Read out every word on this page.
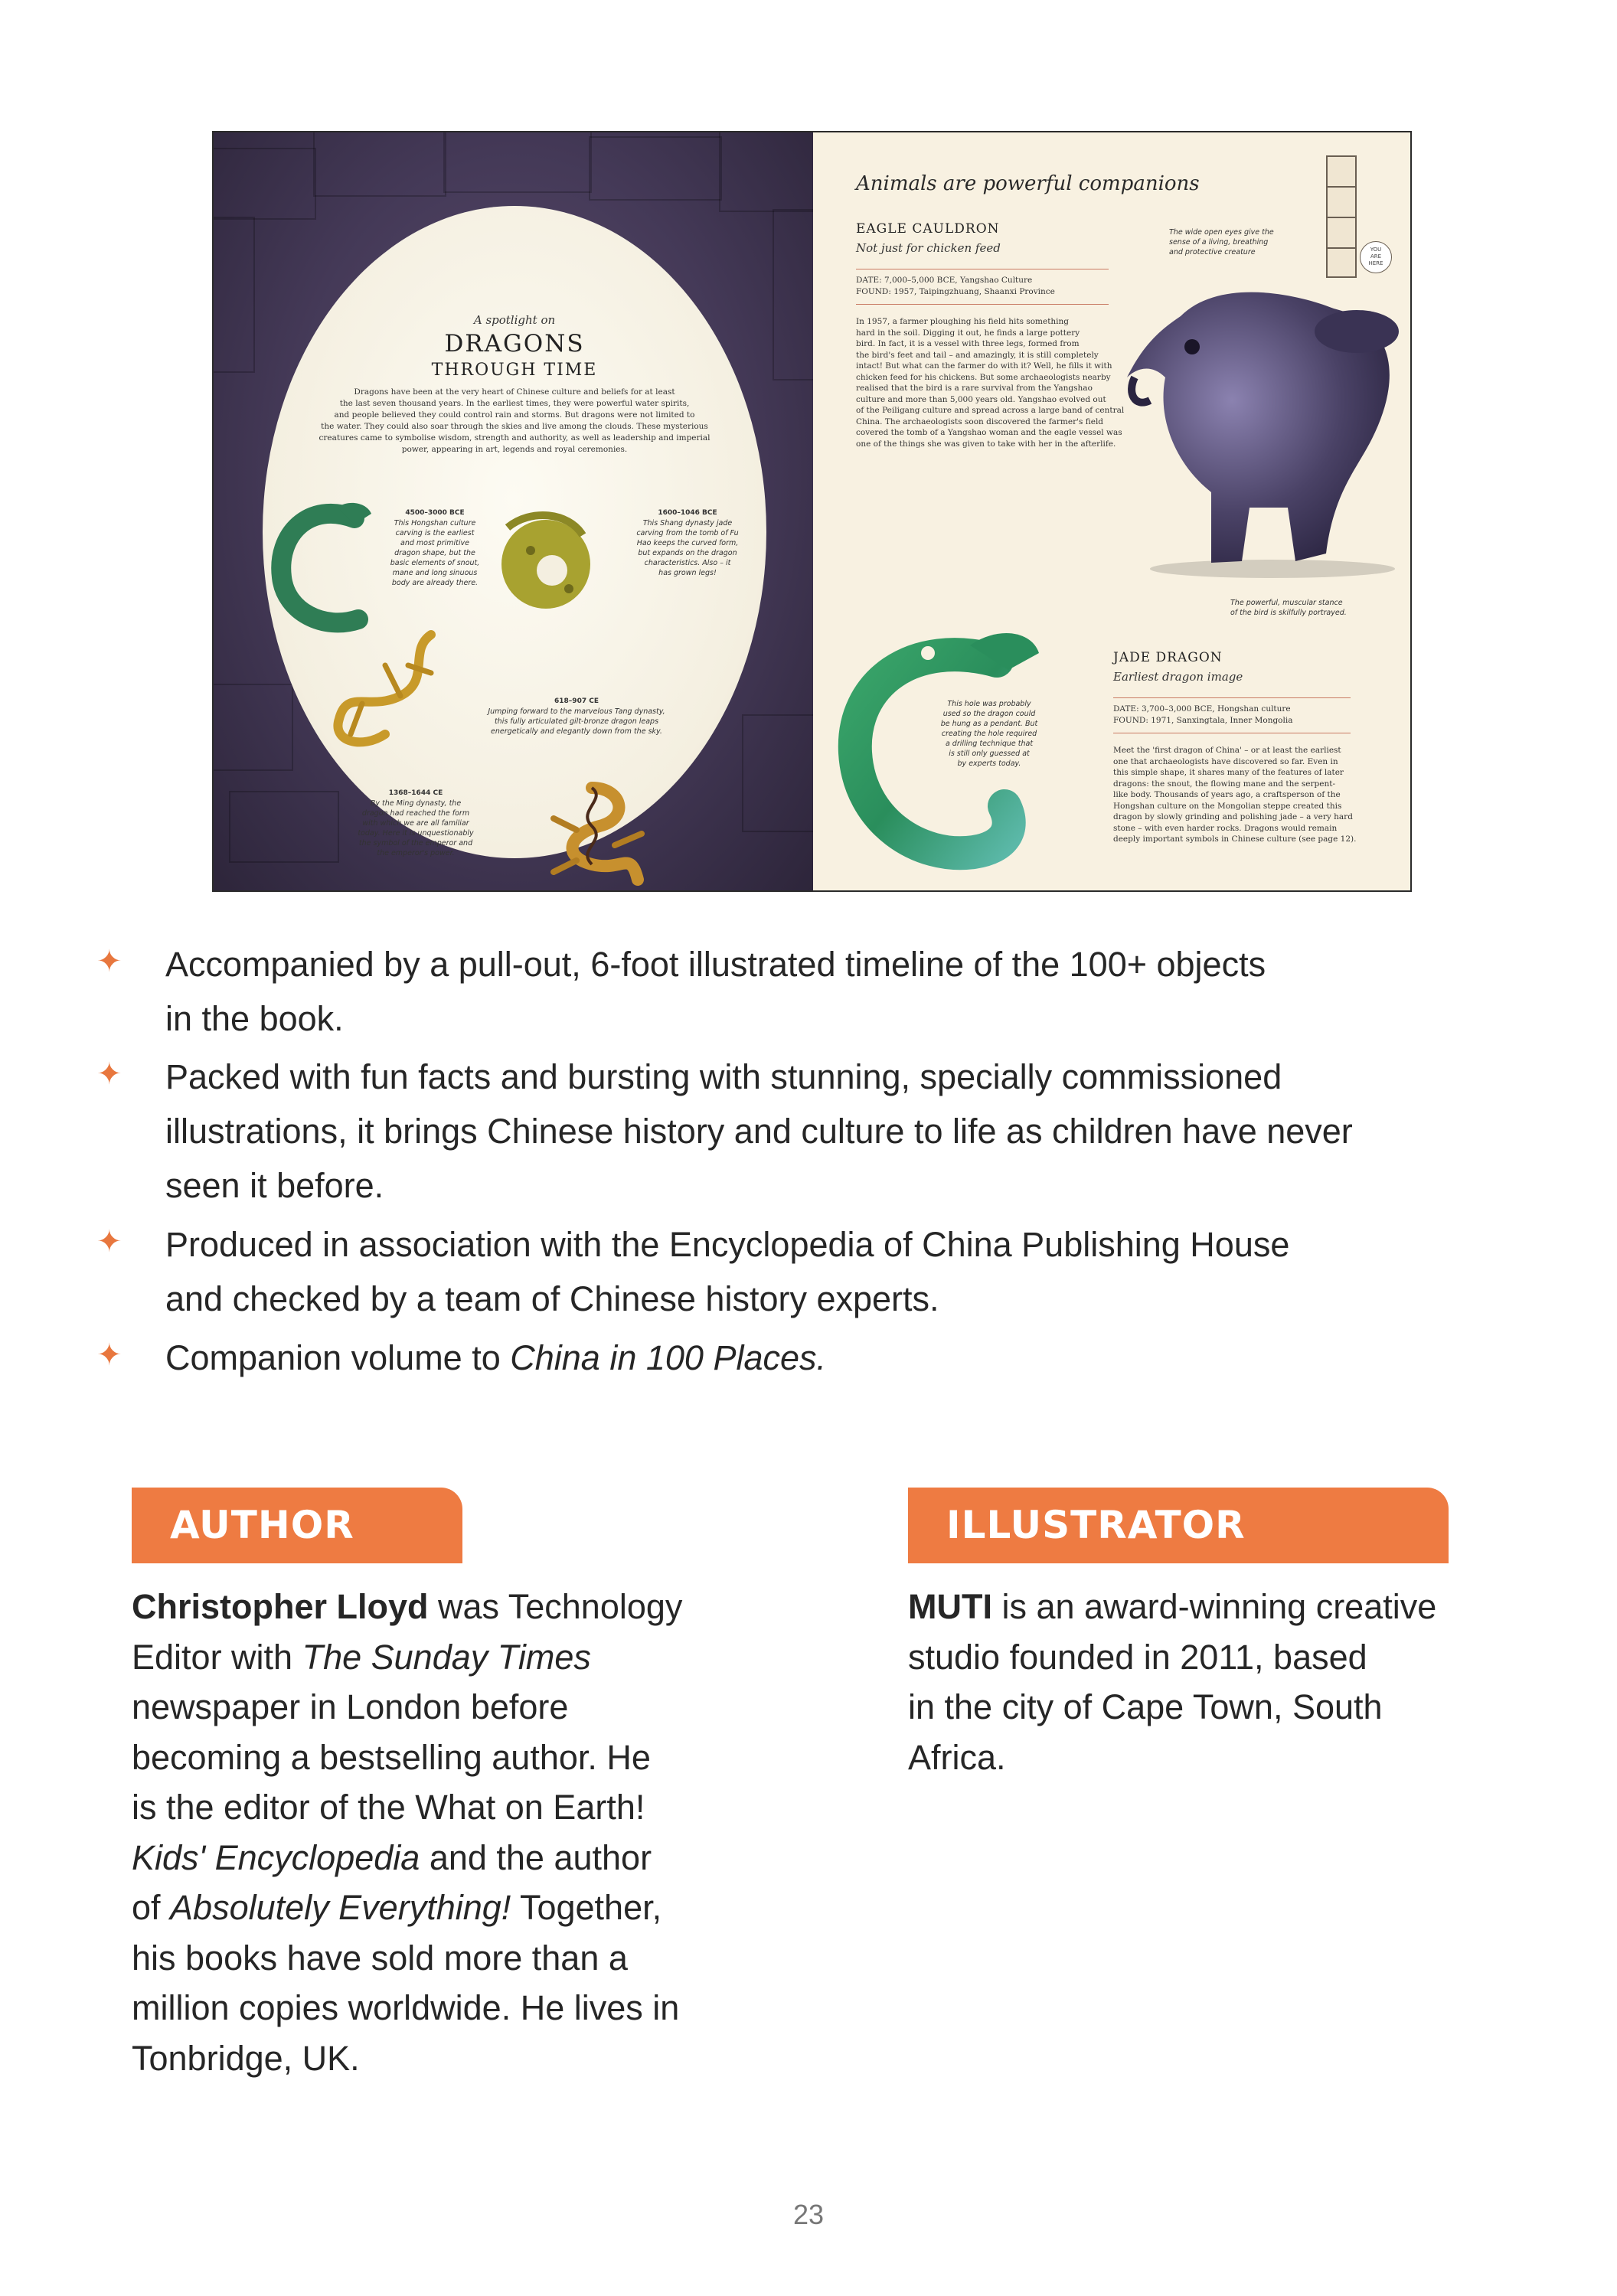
A spotlight on
DRAGONS
THROUGH TIME
Dragons have been at the very heart of Chinese culture and beliefs for at least
the last seven thousand years. In the earliest times, they were powerful water spirits,
and people believed they could control rain and storms. But dragons were not limited to
the water. They could also soar through the skies and live among the clouds. These mysterious
creatures came to symbolise wisdom, strength and authority, as well as leadership and imperial
power, appearing in art, legends and royal ceremonies.
4500–3000 BCE
This Hongshan culture
carving is the earliest
and most primitive
dragon shape, but the
basic elements of snout,
mane and long sinuous
body are already there.
1600–1046 BCE
This Shang dynasty jade
carving from the tomb of Fu
Hao keeps the curved form,
but expands on the dragon
characteristics. Also – it
has grown legs!
618–907 CE
Jumping forward to the marvelous Tang dynasty,
this fully articulated gilt-bronze dragon leaps
energetically and elegantly down from the sky.
1368–1644 CE
By the Ming dynasty, the
dragon had reached the form
with which we are all familiar
today. Here it is unquestionably
the symbol of the emperor and
the emperor's power.
Animals are powerful companions
YOU
ARE
HERE
EAGLE CAULDRON
Not just for chicken feed
DATE: 7,000–5,000 BCE, Yangshao Culture
FOUND: 1957, Taipingzhuang, Shaanxi Province
In 1957, a farmer ploughing his field hits something
hard in the soil. Digging it out, he finds a large pottery
bird. In fact, it is a vessel with three legs, formed from
the bird's feet and tail – and amazingly, it is still completely
intact! But what can the farmer do with it? Well, he fills it with
chicken feed for his chickens. But some archaeologists nearby
realised that the bird is a rare survival from the Yangshao
culture and more than 5,000 years old. Yangshao evolved out
of the Peiligang culture and spread across a large band of central
China. The archaeologists soon discovered the farmer's field
covered the tomb of a Yangshao woman and the eagle vessel was
one of the things she was given to take with her in the afterlife.
The wide open eyes give the
sense of a living, breathing
and protective creature
The powerful, muscular stance
of the bird is skilfully portrayed.
This hole was probably
used so the dragon could
be hung as a pendant. But
creating the hole required
a drilling technique that
is still only guessed at
by experts today.
JADE DRAGON
Earliest dragon image
DATE: 3,700–3,000 BCE, Hongshan culture
FOUND: 1971, Sanxingtala, Inner Mongolia
Meet the 'first dragon of China' – or at least the earliest
one that archaeologists have discovered so far. Even in
this simple shape, it shares many of the features of later
dragons: the snout, the flowing mane and the serpent-
like body. Thousands of years ago, a craftsperson of the
Hongshan culture on the Mongolian steppe created this
dragon by slowly grinding and polishing jade – a very hard
stone – with even harder rocks. Dragons would remain
deeply important symbols in Chinese culture (see page 12).
✦ Accompanied by a pull-out, 6-foot illustrated timeline of the 100+ objects
in the book.
✦ Packed with fun facts and bursting with stunning, specially commissioned
illustrations, it brings Chinese history and culture to life as children have never
seen it before.
✦ Produced in association with the Encyclopedia of China Publishing House
and checked by a team of Chinese history experts.
✦ Companion volume to China in 100 Places.
AUTHOR
Christopher Lloyd was Technology
Editor with The Sunday Times
newspaper in London before
becoming a bestselling author. He
is the editor of the What on Earth!
Kids' Encyclopedia and the author
of Absolutely Everything! Together,
his books have sold more than a
million copies worldwide. He lives in
Tonbridge, UK.
ILLUSTRATOR
MUTI is an award-winning creative
studio founded in 2011, based
in the city of Cape Town, South
Africa.
23
